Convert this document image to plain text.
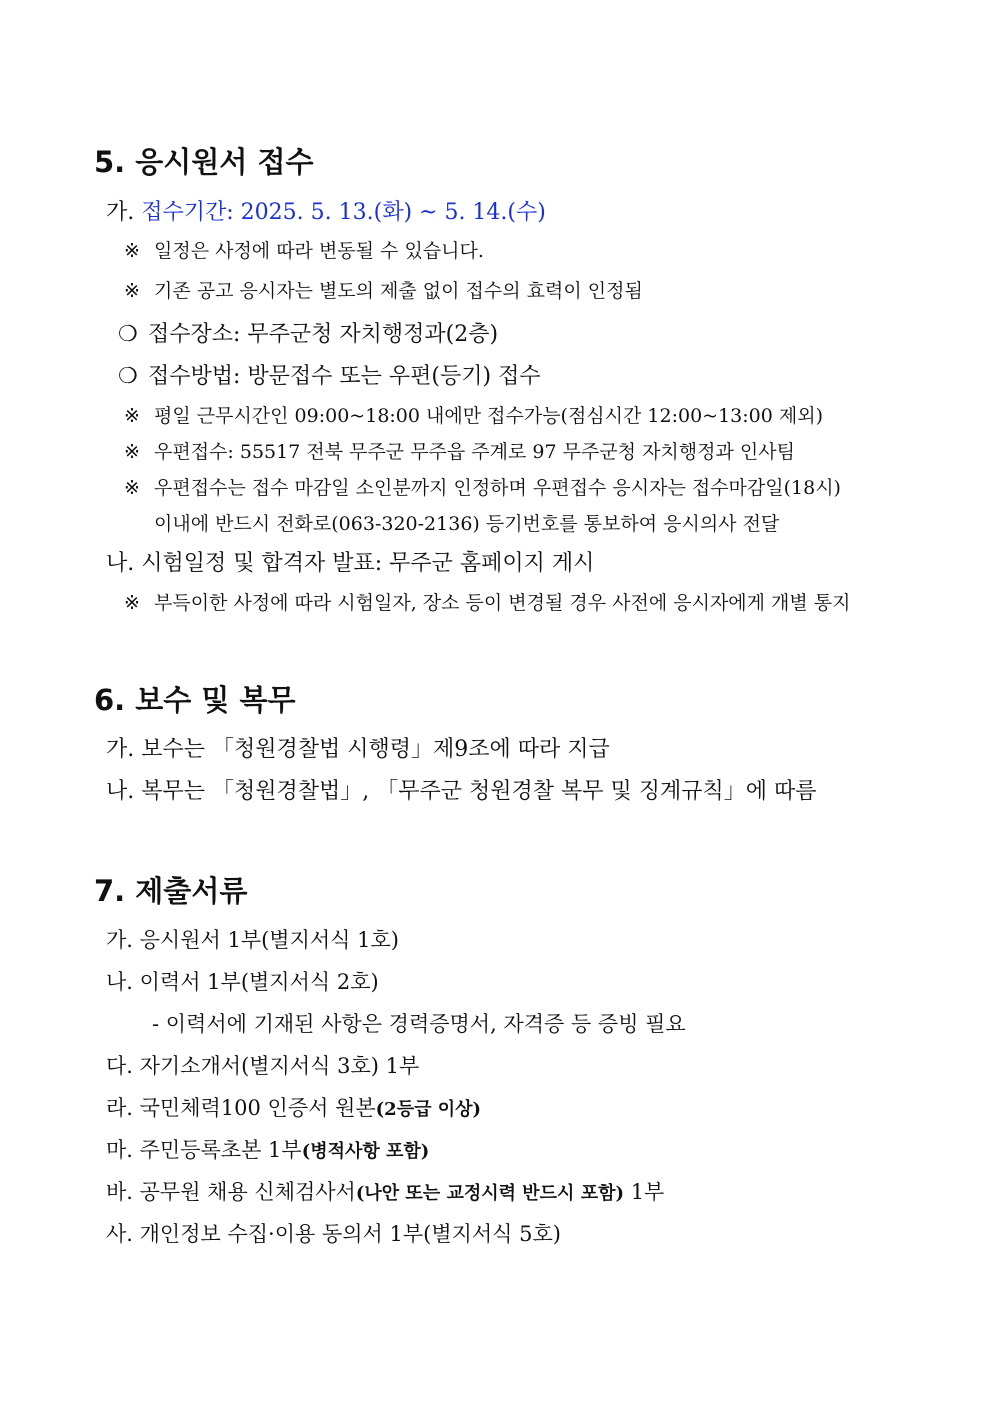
5. 응시원서 접수
가. 접수기간: 2025. 5. 13.(화) ~ 5. 14.(수)
※ 일정은 사정에 따라 변동될 수 있습니다.
※ 기존 공고 응시자는 별도의 제출 없이 접수의 효력이 인정됨
❍ 접수장소: 무주군청 자치행정과(2층)
❍ 접수방법: 방문접수 또는 우편(등기) 접수
※ 평일 근무시간인 09:00~18:00 내에만 접수가능(점심시간 12:00~13:00 제외)
※ 우편접수: 55517 전북 무주군 무주읍 주계로 97 무주군청 자치행정과 인사팀
※ 우편접수는 접수 마감일 소인분까지 인정하며 우편접수 응시자는 접수마감일(18시)
이내에 반드시 전화로(063-320-2136) 등기번호를 통보하여 응시의사 전달
나. 시험일정 및 합격자 발표: 무주군 홈페이지 게시
※ 부득이한 사정에 따라 시험일자, 장소 등이 변경될 경우 사전에 응시자에게 개별 통지
6. 보수 및 복무
가. 보수는 「청원경찰법 시행령」제9조에 따라 지급
나. 복무는 「청원경찰법」, 「무주군 청원경찰 복무 및 징계규칙」에 따름
7. 제출서류
가. 응시원서 1부(별지서식 1호)
나. 이력서 1부(별지서식 2호)
- 이력서에 기재된 사항은 경력증명서, 자격증 등 증빙 필요
다. 자기소개서(별지서식 3호) 1부
라. 국민체력100 인증서 원본(2등급 이상)
마. 주민등록초본 1부(병적사항 포함)
바. 공무원 채용 신체검사서(나안 또는 교정시력 반드시 포함) 1부
사. 개인정보 수집·이용 동의서 1부(별지서식 5호)
